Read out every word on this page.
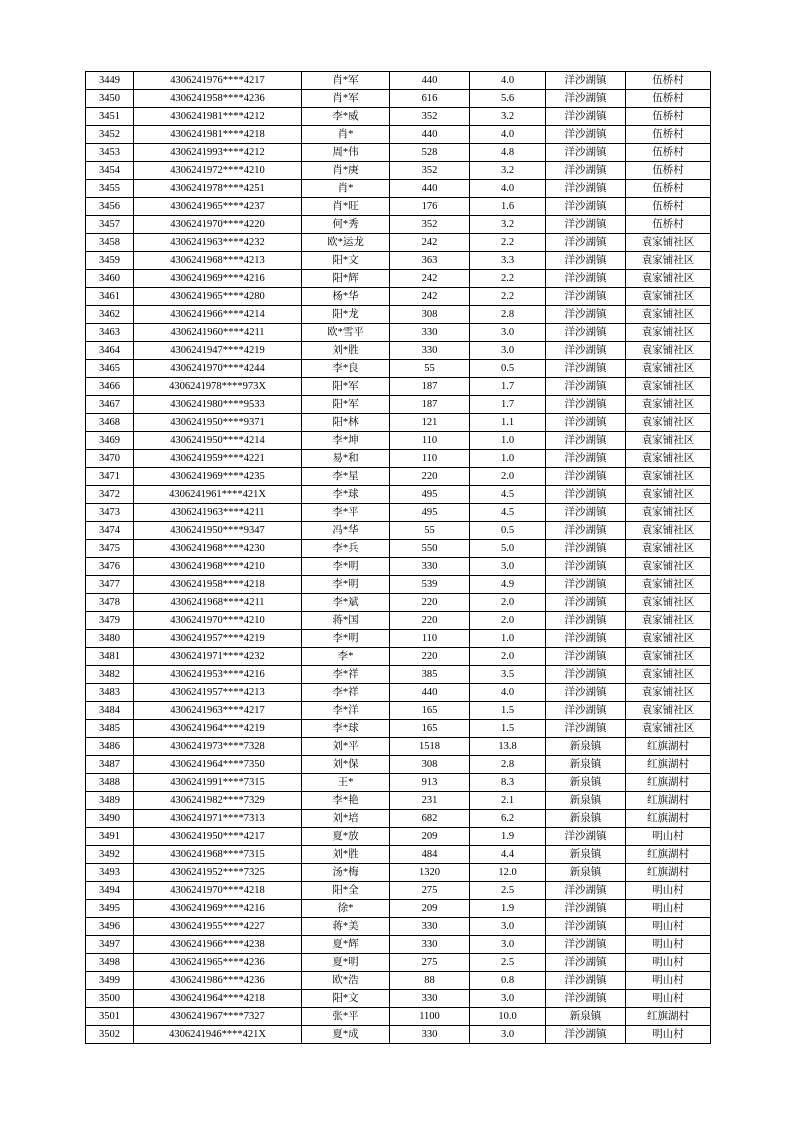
3449	4306241976****4217	肖*军	440	4.0	洋沙湖镇	伍桥村
3450	4306241958****4236	肖*军	616	5.6	洋沙湖镇	伍桥村
3451	4306241981****4212	李*威	352	3.2	洋沙湖镇	伍桥村
3452	4306241981****4218	肖*	440	4.0	洋沙湖镇	伍桥村
3453	4306241993****4212	周*伟	528	4.8	洋沙湖镇	伍桥村
3454	4306241972****4210	肖*庚	352	3.2	洋沙湖镇	伍桥村
3455	4306241978****4251	肖*	440	4.0	洋沙湖镇	伍桥村
3456	4306241965****4237	肖*旺	176	1.6	洋沙湖镇	伍桥村
3457	4306241970****4220	何*秀	352	3.2	洋沙湖镇	伍桥村
3458	4306241963****4232	欧*运龙	242	2.2	洋沙湖镇	袁家铺社区
3459	4306241968****4213	阳*文	363	3.3	洋沙湖镇	袁家铺社区
3460	4306241969****4216	阳*辉	242	2.2	洋沙湖镇	袁家铺社区
3461	4306241965****4280	杨*华	242	2.2	洋沙湖镇	袁家铺社区
3462	4306241966****4214	阳*龙	308	2.8	洋沙湖镇	袁家铺社区
3463	4306241960****4211	欧*雪平	330	3.0	洋沙湖镇	袁家铺社区
3464	4306241947****4219	刘*胜	330	3.0	洋沙湖镇	袁家铺社区
3465	4306241970****4244	李*良	55	0.5	洋沙湖镇	袁家铺社区
3466	4306241978****973X	阳*军	187	1.7	洋沙湖镇	袁家铺社区
3467	4306241980****9533	阳*军	187	1.7	洋沙湖镇	袁家铺社区
3468	4306241950****9371	阳*林	121	1.1	洋沙湖镇	袁家铺社区
3469	4306241950****4214	李*坤	110	1.0	洋沙湖镇	袁家铺社区
3470	4306241959****4221	易*和	110	1.0	洋沙湖镇	袁家铺社区
3471	4306241969****4235	李*星	220	2.0	洋沙湖镇	袁家铺社区
3472	4306241961****421X	李*球	495	4.5	洋沙湖镇	袁家铺社区
3473	4306241963****4211	李*平	495	4.5	洋沙湖镇	袁家铺社区
3474	4306241950****9347	冯*华	55	0.5	洋沙湖镇	袁家铺社区
3475	4306241968****4230	李*兵	550	5.0	洋沙湖镇	袁家铺社区
3476	4306241968****4210	李*明	330	3.0	洋沙湖镇	袁家铺社区
3477	4306241958****4218	李*明	539	4.9	洋沙湖镇	袁家铺社区
3478	4306241968****4211	李*斌	220	2.0	洋沙湖镇	袁家铺社区
3479	4306241970****4210	蒋*国	220	2.0	洋沙湖镇	袁家铺社区
3480	4306241957****4219	李*明	110	1.0	洋沙湖镇	袁家铺社区
3481	4306241971****4232	李*	220	2.0	洋沙湖镇	袁家铺社区
3482	4306241953****4216	李*祥	385	3.5	洋沙湖镇	袁家铺社区
3483	4306241957****4213	李*祥	440	4.0	洋沙湖镇	袁家铺社区
3484	4306241963****4217	李*洋	165	1.5	洋沙湖镇	袁家铺社区
3485	4306241964****4219	李*球	165	1.5	洋沙湖镇	袁家铺社区
3486	4306241973****7328	刘*平	1518	13.8	新泉镇	红旗湖村
3487	4306241964****7350	刘*保	308	2.8	新泉镇	红旗湖村
3488	4306241991****7315	王*	913	8.3	新泉镇	红旗湖村
3489	4306241982****7329	李*艳	231	2.1	新泉镇	红旗湖村
3490	4306241971****7313	刘*培	682	6.2	新泉镇	红旗湖村
3491	4306241950****4217	夏*放	209	1.9	洋沙湖镇	明山村
3492	4306241968****7315	刘*胜	484	4.4	新泉镇	红旗湖村
3493	4306241952****7325	汤*梅	1320	12.0	新泉镇	红旗湖村
3494	4306241970****4218	阳*全	275	2.5	洋沙湖镇	明山村
3495	4306241969****4216	徐*	209	1.9	洋沙湖镇	明山村
3496	4306241955****4227	蒋*美	330	3.0	洋沙湖镇	明山村
3497	4306241966****4238	夏*辉	330	3.0	洋沙湖镇	明山村
3498	4306241965****4236	夏*明	275	2.5	洋沙湖镇	明山村
3499	4306241986****4236	欧*浩	88	0.8	洋沙湖镇	明山村
3500	4306241964****4218	阳*文	330	3.0	洋沙湖镇	明山村
3501	4306241967****7327	张*平	1100	10.0	新泉镇	红旗湖村
3502	4306241946****421X	夏*成	330	3.0	洋沙湖镇	明山村
